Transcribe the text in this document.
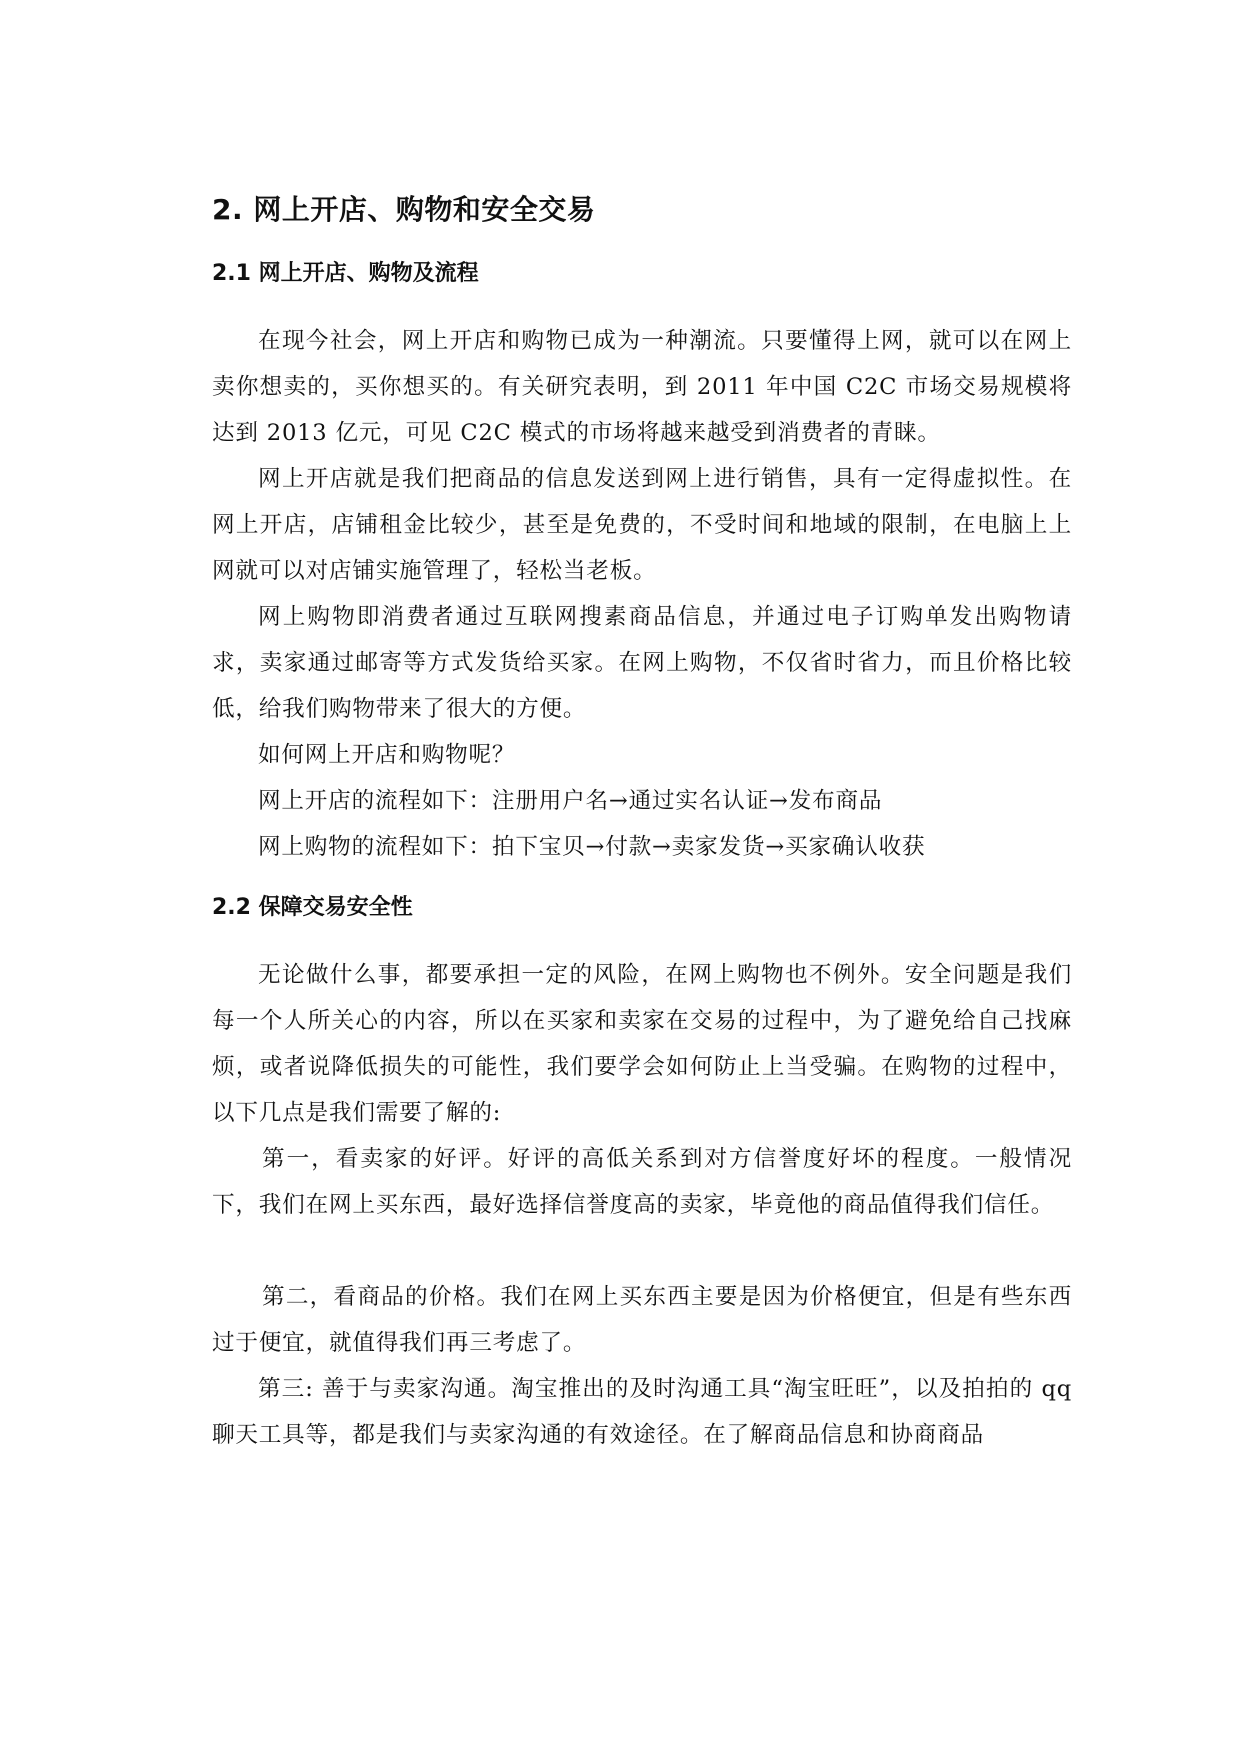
2. 网上开店、购物和安全交易
2.1 网上开店、购物及流程
在现今社会，网上开店和购物已成为一种潮流。只要懂得上网，就可以在网上卖你想卖的，买你想买的。有关研究表明，到 2011 年中国 C2C 市场交易规模将达到 2013 亿元，可见 C2C 模式的市场将越来越受到消费者的青睐。
网上开店就是我们把商品的信息发送到网上进行销售，具有一定得虚拟性。在网上开店，店铺租金比较少，甚至是免费的，不受时间和地域的限制，在电脑上上网就可以对店铺实施管理了，轻松当老板。
网上购物即消费者通过互联网搜素商品信息，并通过电子订购单发出购物请求，卖家通过邮寄等方式发货给买家。在网上购物，不仅省时省力，而且价格比较低，给我们购物带来了很大的方便。
如何网上开店和购物呢？
网上开店的流程如下：注册用户名→通过实名认证→发布商品
网上购物的流程如下：拍下宝贝→付款→卖家发货→买家确认收获
2.2 保障交易安全性
无论做什么事，都要承担一定的风险，在网上购物也不例外。安全问题是我们每一个人所关心的内容，所以在买家和卖家在交易的过程中，为了避免给自己找麻烦，或者说降低损失的可能性，我们要学会如何防止上当受骗。在购物的过程中，以下几点是我们需要了解的:
第一，看卖家的好评。好评的高低关系到对方信誉度好坏的程度。一般情况下，我们在网上买东西，最好选择信誉度高的卖家，毕竟他的商品值得我们信任。
第二，看商品的价格。我们在网上买东西主要是因为价格便宜，但是有些东西过于便宜，就值得我们再三考虑了。
第三: 善于与卖家沟通。淘宝推出的及时沟通工具“淘宝旺旺”，以及拍拍的 qq 聊天工具等，都是我们与卖家沟通的有效途径。在了解商品信息和协商商品
